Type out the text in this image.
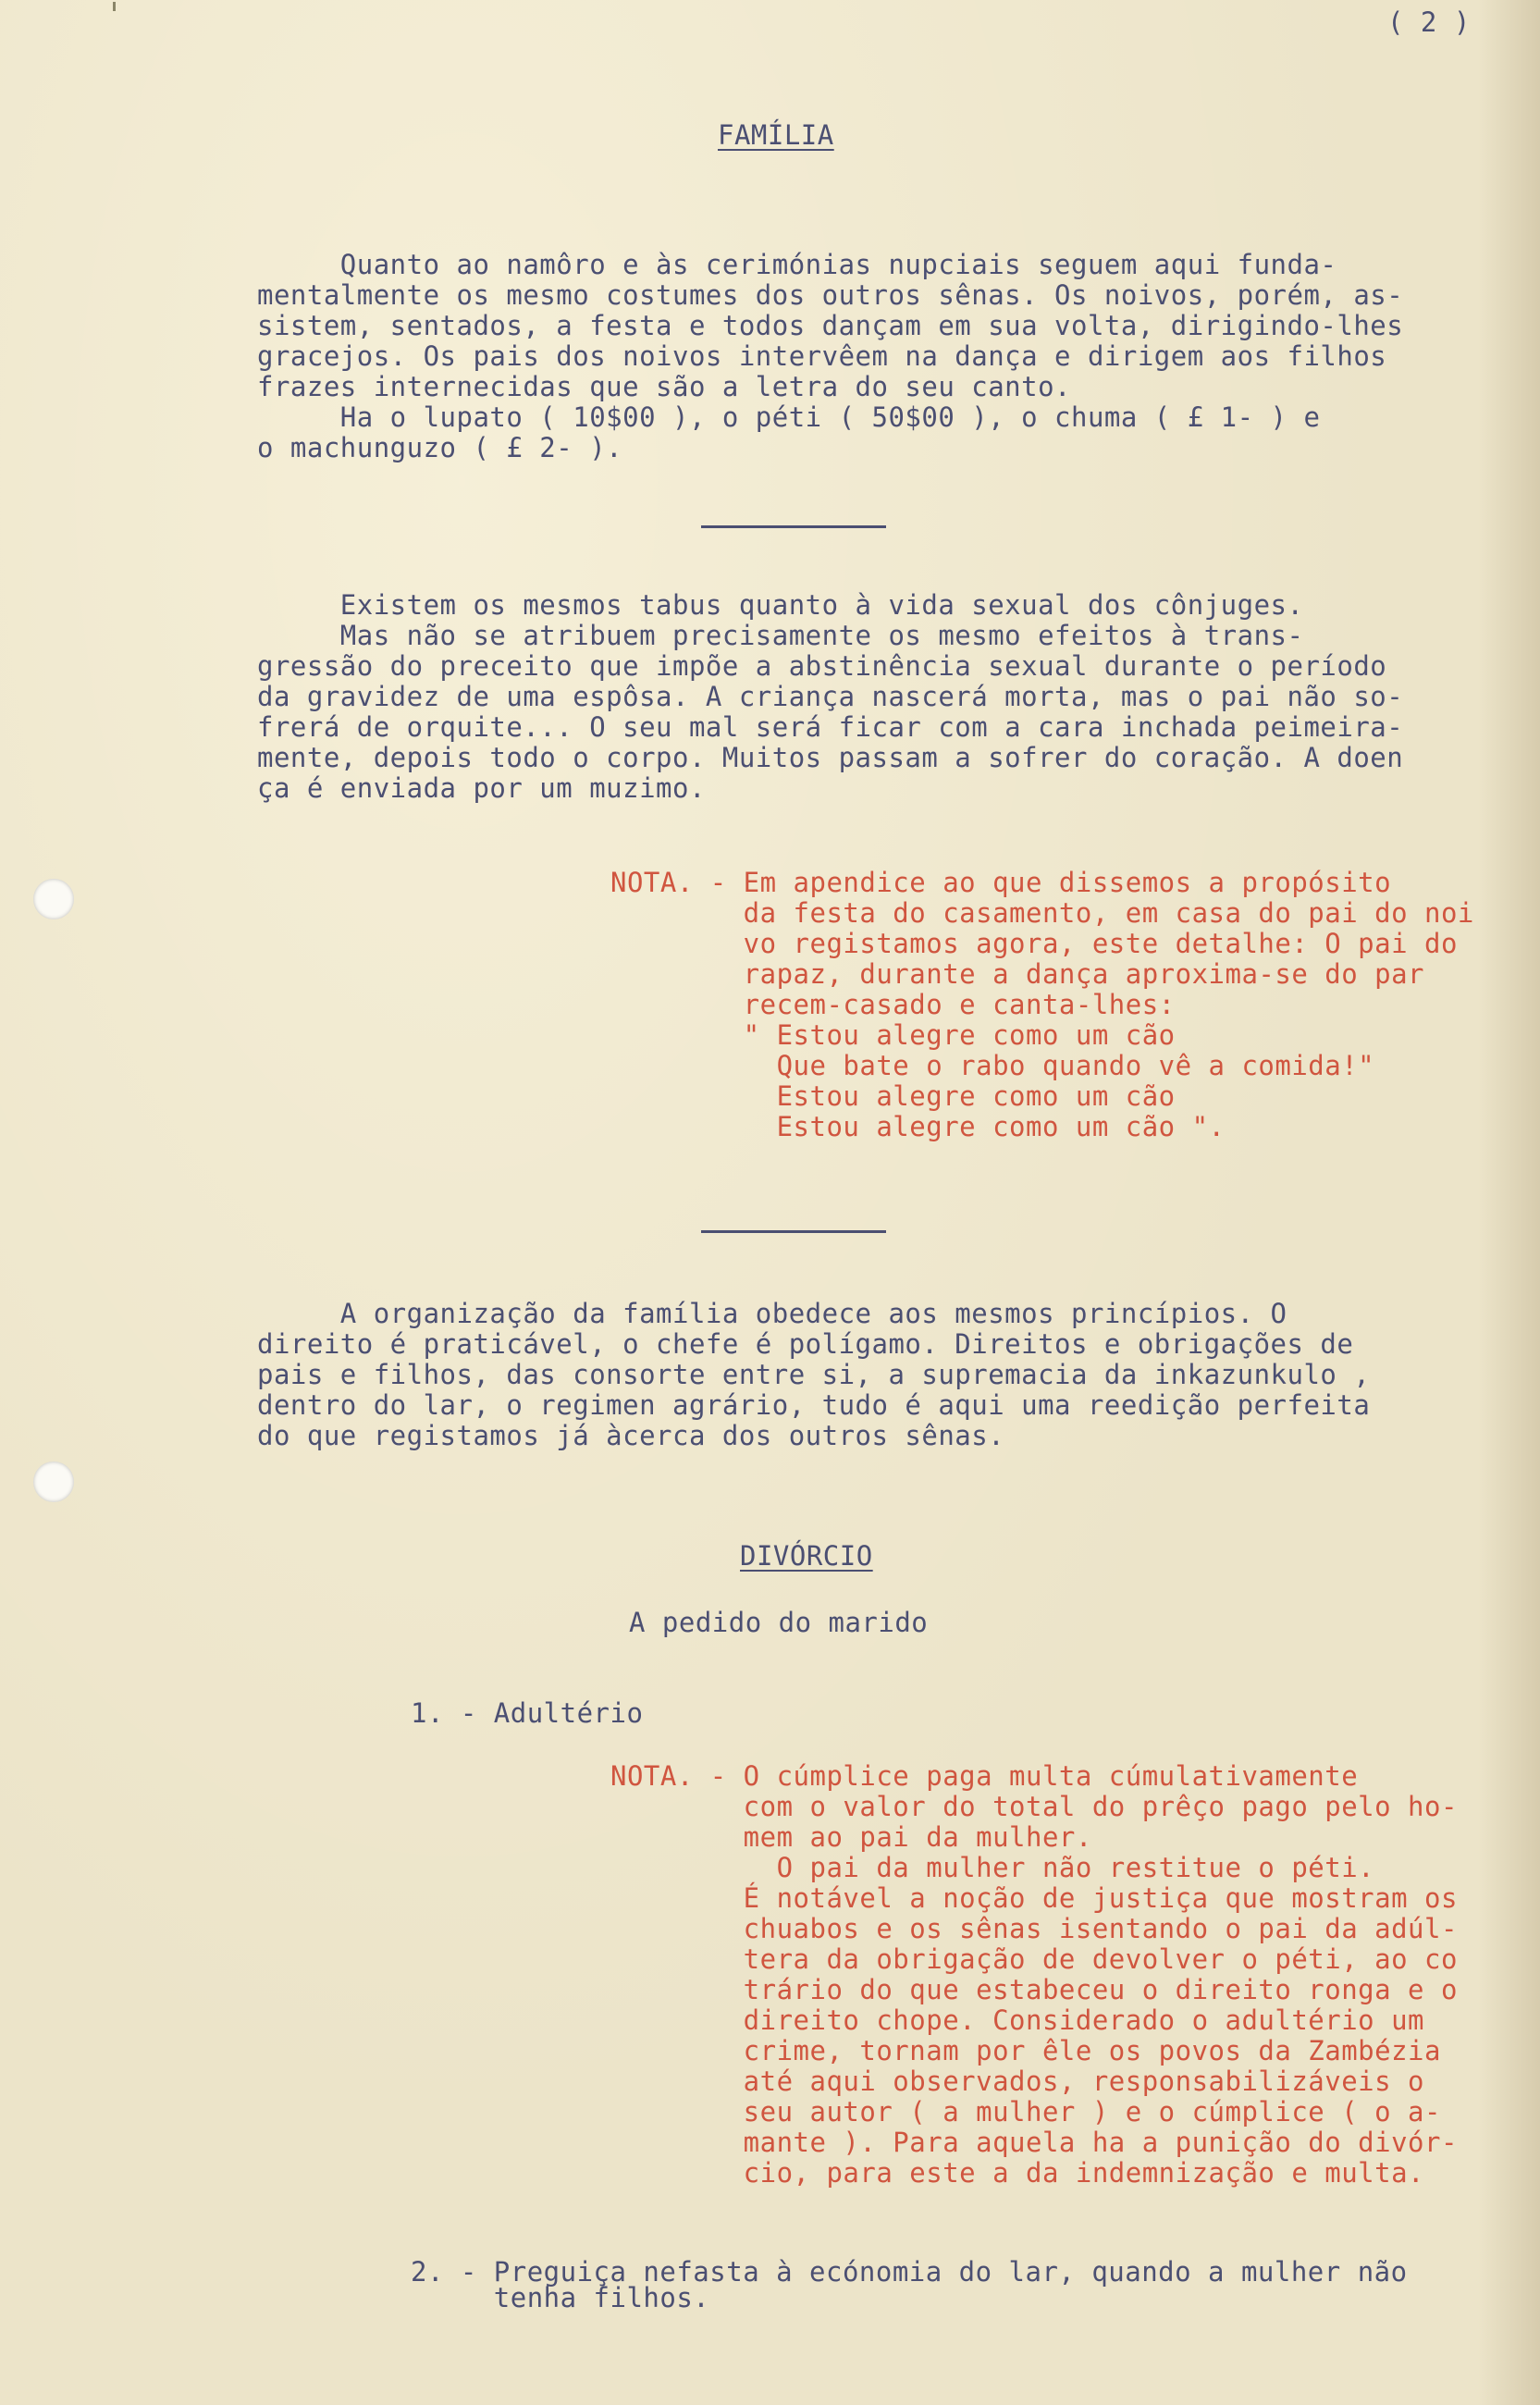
( 2 )
FAMÍLIA
Quanto ao namôro e às cerimónias nupciais seguem aqui funda-
mentalmente os mesmo costumes dos outros sênas. Os noivos, porém, as-
sistem, sentados, a festa e todos dançam em sua volta, dirigindo-lhes
gracejos. Os pais dos noivos intervêem na dança e dirigem aos filhos
frazes internecidas que são a letra do seu canto.
Ha o lupato ( 10$00 ), o péti ( 50$00 ), o chuma ( £ 1- ) e
o machunguzo ( £ 2- ).
Existem os mesmos tabus quanto à vida sexual dos cônjuges.
Mas não se atribuem precisamente os mesmo efeitos à trans-
gressão do preceito que impõe a abstinência sexual durante o período
da gravidez de uma espôsa. A criança nascerá morta, mas o pai não so-
frerá de orquite... O seu mal será ficar com a cara inchada peimeira-
mente, depois todo o corpo. Muitos passam a sofrer do coração. A doen
ça é enviada por um muzimo.
NOTA. - Em apendice ao que dissemos a propósito
da festa do casamento, em casa do pai do noi
vo registamos agora, este detalhe: O pai do
rapaz, durante a dança aproxima-se do par
recem-casado e canta-lhes:
" Estou alegre como um cão
Que bate o rabo quando vê a comida!"
Estou alegre como um cão
Estou alegre como um cão ".
A organização da família obedece aos mesmos princípios. O
direito é praticável, o chefe é polígamo. Direitos e obrigações de
pais e filhos, das consorte entre si, a supremacia da inkazunkulo ,
dentro do lar, o regimen agrário, tudo é aqui uma reedição perfeita
do que registamos já àcerca dos outros sênas.
DIVÓRCIO
A pedido do marido
1. - Adultério
NOTA. - O cúmplice paga multa cúmulativamente
com o valor do total do prêço pago pelo ho-
mem ao pai da mulher.
O pai da mulher não restitue o péti.
É notável a noção de justiça que mostram os
chuabos e os sênas isentando o pai da adúl-
tera da obrigação de devolver o péti, ao co
trário do que estabeceu o direito ronga e o
direito chope. Considerado o adultério um
crime, tornam por êle os povos da Zambézia
até aqui observados, responsabilizáveis o
seu autor ( a mulher ) e o cúmplice ( o a-
mante ). Para aquela ha a punição do divór-
cio, para este a da indemnização e multa.
2. - Preguiça nefasta à ecónomia do lar, quando a mulher não
tenha filhos.
